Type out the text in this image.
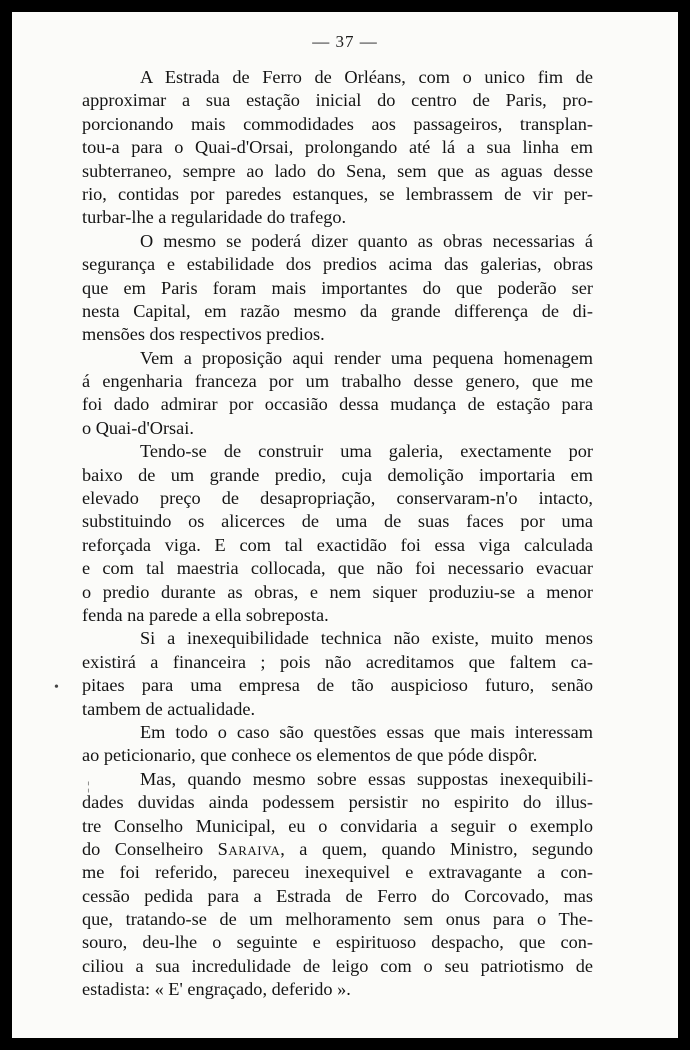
— 37 —
•
¦

A Estrada de Ferro de Orléans, com o unico fim de
approximar a sua estação inicial do centro de Paris, pro-
porcionando mais commodidades aos passageiros, transplan-
tou-a para o Quai-d'Orsai, prolongando até lá a sua linha em
subterraneo, sempre ao lado do Sena, sem que as aguas desse
rio, contidas por paredes estanques, se lembrassem de vir per-
turbar-lhe a regularidade do trafego.

O mesmo se poderá dizer quanto as obras necessarias á
segurança e estabilidade dos predios acima das galerias, obras
que em Paris foram mais importantes do que poderão ser
nesta Capital, em razão mesmo da grande differença de di-
mensões dos respectivos predios.

Vem a proposição aqui render uma pequena homenagem
á engenharia franceza por um trabalho desse genero, que me
foi dado admirar por occasião dessa mudança de estação para
o Quai-d'Orsai.

Tendo-se de construir uma galeria, exectamente por
baixo de um grande predio, cuja demolição importaria em
elevado preço de desapropriação, conservaram-n'o intacto,
substituindo os alicerces de uma de suas faces por uma
reforçada viga. E com tal exactidão foi essa viga calculada
e com tal maestria collocada, que não foi necessario evacuar
o predio durante as obras, e nem siquer produziu-se a menor
fenda na parede a ella sobreposta.

Si a inexequibilidade technica não existe, muito menos
existirá a financeira ; pois não acreditamos que faltem ca-
pitaes para uma empresa de tão auspicioso futuro, senão
tambem de actualidade.

Em todo o caso são questões essas que mais interessam
ao peticionario, que conhece os elementos de que póde dispôr.

Mas, quando mesmo sobre essas suppostas inexequibili-
dades duvidas ainda podessem persistir no espirito do illus-
tre Conselho Municipal, eu o convidaria a seguir o exemplo
do Conselheiro Saraiva, a quem, quando Ministro, segundo
me foi referido, pareceu inexequivel e extravagante a con-
cessão pedida para a Estrada de Ferro do Corcovado, mas
que, tratando-se de um melhoramento sem onus para o The-
souro, deu-lhe o seguinte e espirituoso despacho, que con-
ciliou a sua incredulidade de leigo com o seu patriotismo de
estadista: « E' engraçado, deferido ».
